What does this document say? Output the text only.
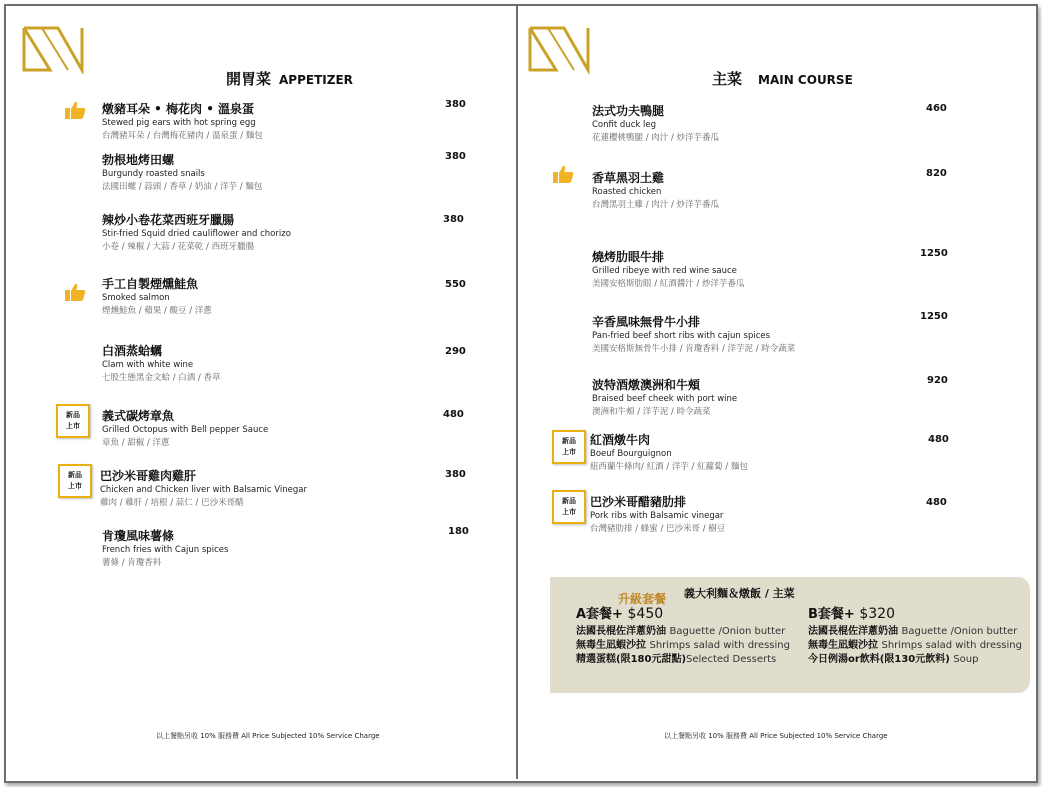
開胃菜 APPETIZER
新品
上市
新品
上市
燉豬耳朵 • 梅花肉 • 溫泉蛋
Stewed pig ears with hot spring egg
台灣豬耳朵 / 台灣梅花豬肉 / 溫泉蛋 / 麵包
380
勃根地烤田螺
Burgundy roasted snails
法國田螺 / 蒜頭 / 香草 / 奶油 / 洋芋 / 麵包
380
辣炒小卷花菜西班牙臘腸
Stir-fried Squid dried cauliflower and chorizo
小卷 / 辣椒 / 大蒜 / 花菜乾 / 西班牙臘腸
380
手工自製煙燻鮭魚
Smoked salmon
煙燻鮭魚 / 蘋果 / 酸豆 / 洋蔥
550
白酒蒸蛤蠣
Clam with white wine
七股生態黑金文蛤 / 白酒 / 香草
290
義式碳烤章魚
Grilled Octopus with Bell pepper Sauce
章魚 / 甜椒 / 洋蔥
480
巴沙米哥雞肉雞肝
Chicken and Chicken liver with Balsamic Vinegar
雞肉 / 雞肝 / 培根 / 蒜仁 / 巴沙米哥醋
380
肯瓊風味薯條
French fries with Cajun spices
薯條 / 肯瓊香料
180
以上餐點另收 10% 服務費 All Price Subjected 10% Service Charge
主菜 MAIN COURSE
新品
上市
新品
上市
法式功夫鴨腿
Confit duck leg
花蓮櫻桃鴨腿 / 肉汁 / 炒洋芋番瓜
460
香草黑羽土雞
Roasted chicken
台灣黑羽土雞 / 肉汁 / 炒洋芋番瓜
820
燒烤肋眼牛排
Grilled ribeye with red wine sauce
美國安格斯肋眼 / 紅酒醬汁 / 炒洋芋番瓜
1250
辛香風味無骨牛小排
Pan-fried beef short ribs with cajun spices
美國安格斯無骨牛小排 / 肯瓊香料 / 洋芋泥 / 時令蔬菜
1250
波特酒燉澳洲和牛頰
Braised beef cheek with port wine
澳洲和牛頰 / 洋芋泥 / 時令蔬菜
920
紅酒燉牛肉
Boeuf Bourguignon
紐西蘭牛條肉/ 紅酒 / 洋芋 / 紅蘿蔔 / 麵包
480
巴沙米哥醋豬肋排
Pork ribs with Balsamic vinegar
台灣豬肋排 / 蜂蜜 / 巴沙米哥 / 樹豆
480
升級套餐 義大利麵＆燉飯 / 主菜
A套餐+ $450
法國長棍佐洋蔥奶油 Baguette /Onion butter
無毒生凪蝦沙拉 Shrimps salad with dressing
精選蛋糕(限180元甜點)Selected Desserts
B套餐+ $320
法國長棍佐洋蔥奶油 Baguette /Onion butter
無毒生凪蝦沙拉 Shrimps salad with dressing
今日例湯or飲料(限130元飲料) Soup
以上餐點另收 10% 服務費 All Price Subjected 10% Service Charge
